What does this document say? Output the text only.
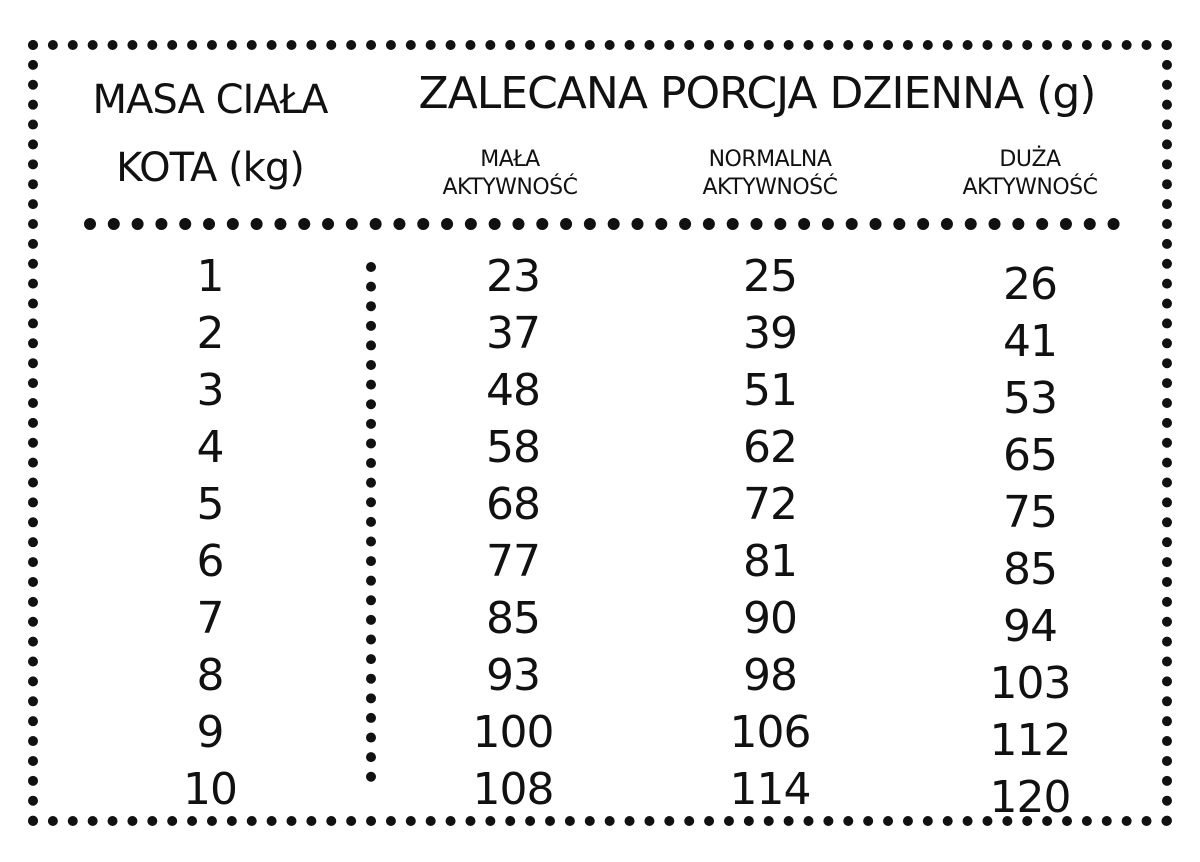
MASA CIAŁA
KOTA (kg)
ZALECANA PORCJA DZIENNA (g)
MAŁA
AKTYWNOŚĆ
NORMALNA
AKTYWNOŚĆ
DUŻA
AKTYWNOŚĆ
1	23	25	26
2	37	39	41
3	48	51	53
4	58	62	65
5	68	72	75
6	77	81	85
7	85	90	94
8	93	98	103
9	100	106	112
10	108	114	120
